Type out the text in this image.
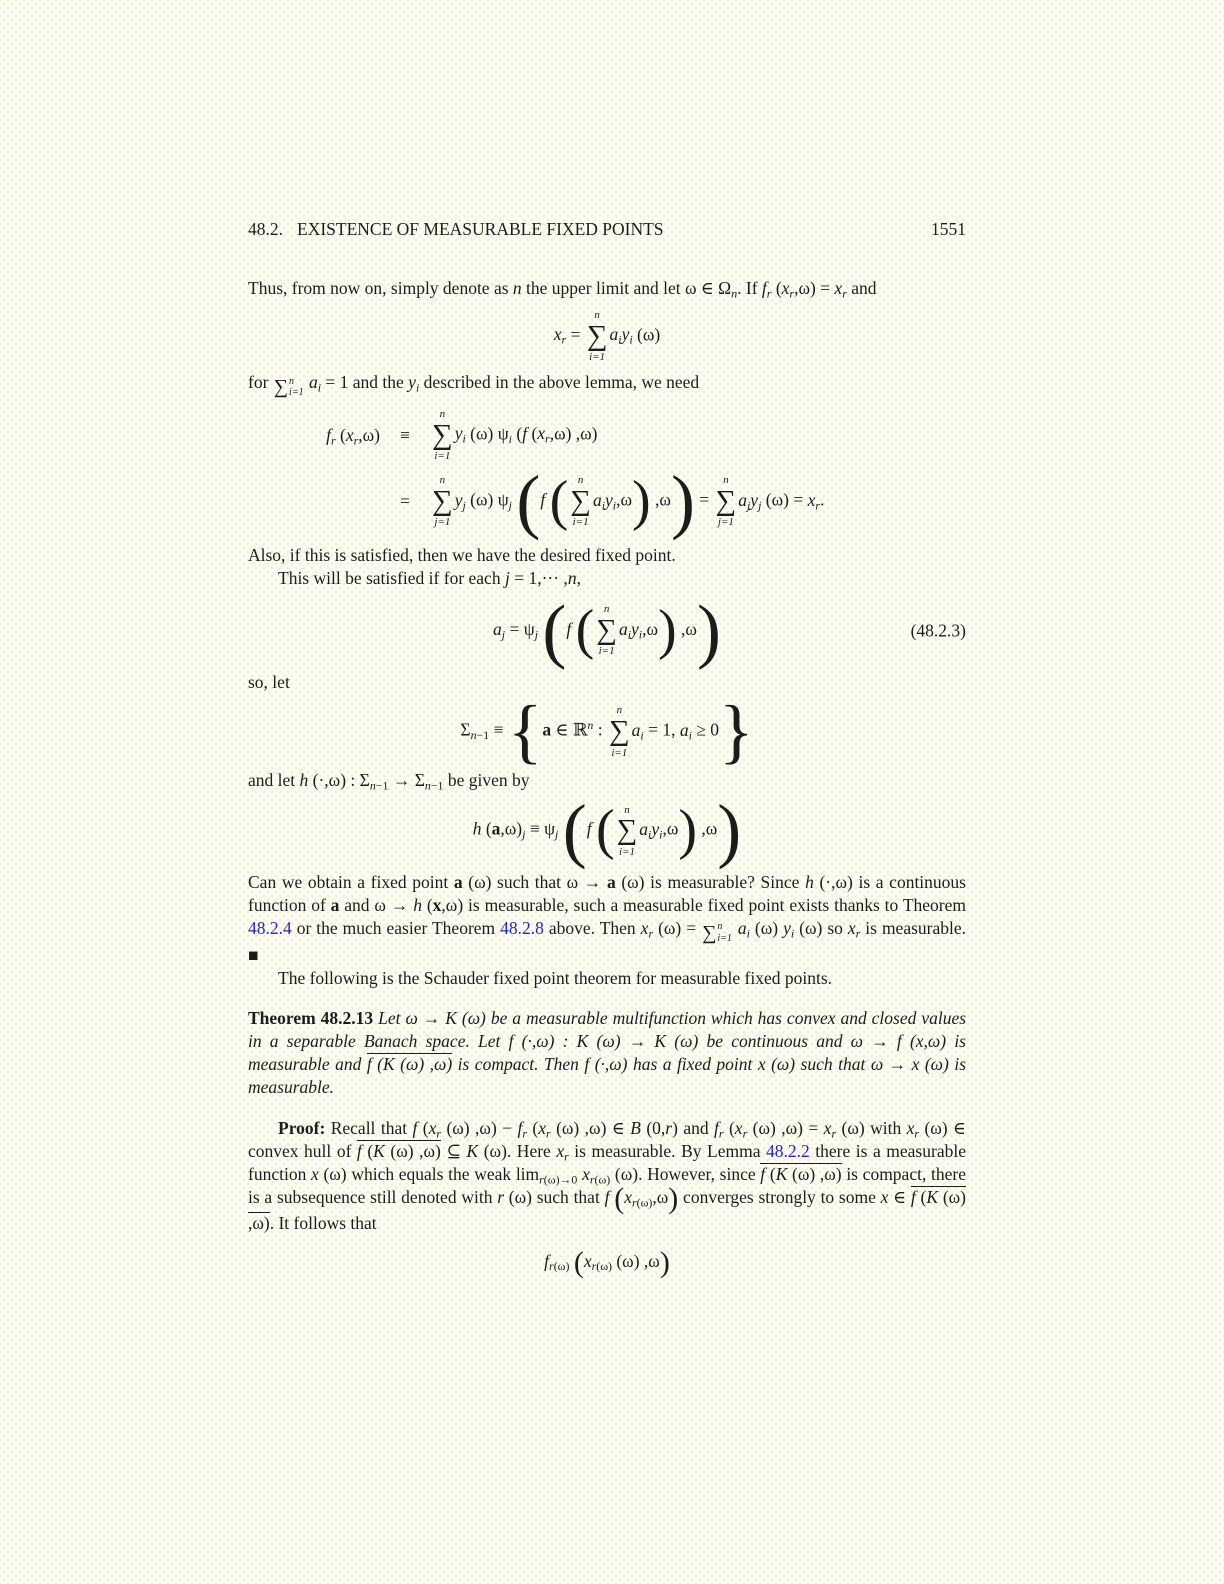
48.2. EXISTENCE OF MEASURABLE FIXED POINTS	1551
Thus, from now on, simply denote as n the upper limit and let ω ∈ $\Omega_n$. If $f_r$ $(x_r,\omega) = x_r$ and
$x_r$ =
n
∑
i=1
$a_iy_i$ (ω)
for ∑ n
i=1
$a_i = 1$ and the $y_i$ described in the above lemma, we need
$f_r$ $(x_r,\omega)$	≡
n
∑
i=1
$y_i$ (ω) $\psi_i$ (f $(x_r,\omega)$ ,ω)
=
n
∑
j=1
$y_j$ (ω) $\psi_j$ (f ( n
∑
i=1
$a_iy_i,\omega$) ,ω) =
n
∑
j=1
$a_jy_j$ $(\omega) = x_r$.
Also, if this is satisfied, then we have the desired fixed point.
This will be satisfied if for each j = 1,··· ,n,
$a_j = \psi_j$ (f ( n
∑
i=1
$a_iy_i,\omega$) ,ω)	(48.2.3)
so, let
$\Sigma_{n-1} \equiv \{a$ ∈ ℝ$^n$ :
n
∑
i=1
$a_i = 1$, $a_i \ge 0$}
and let h (·,ω) : $\Sigma_{n-1} \to \Sigma_{n-1}$ be given by
h $(a,\omega)_j \equiv \psi_j$ (f ( n
∑
i=1
$a_iy_i,\omega$) ,ω)
Can we obtain a fixed point a (ω) such that ω → a (ω) is measurable? Since h (·,ω) is a continuous function of a and ω → h (x,ω) is measurable, such a measurable fixed point exists thanks to Theorem 48.2.4 or the much easier Theorem 48.2.8 above. Then $x_r$ (ω) = ∑ n
i=1
$a_i$ (ω) $y_i$ (ω) so $x_r$ is measurable. ■
The following is the Schauder fixed point theorem for measurable fixed points.
Theorem 48.2.13 Let ω → K (ω) be a measurable multifunction which has convex and closed values in a separable Banach space. Let f (·,ω) : K (ω) → K (ω) be continuous and ω → f (x,ω) is measurable and f (K (ω) ,ω) is compact. Then f (·,ω) has a fixed point x (ω) such that ω → x (ω) is measurable.
Proof: Recall that f ($x_r$ (ω) $,\omega) - f_r$ ($x_r$ (ω) ,ω) ∈ B (0,r) and $f_r$ ($x_r$ (ω) $,\omega) = x_r$ (ω) with $x_r$ (ω) ∈ convex hull of f (K (ω) ,ω) ⊆ K (ω). Here $x_r$ is measurable. By Lemma 48.2.2 there is a measurable function x (ω) which equals the weak $\lim_{r(\omega)\to 0} x_{r(\omega)}$ (ω). However, since f (K (ω) ,ω) is compact, there is a subsequence still denoted with r (ω) such that f $(x_{r(\omega)},\omega)$ converges strongly to some x ∈ f (K (ω) ,ω). It follows that
$f_{r(\omega)}$ ($x_{r(\omega)}$ (ω) ,ω)
